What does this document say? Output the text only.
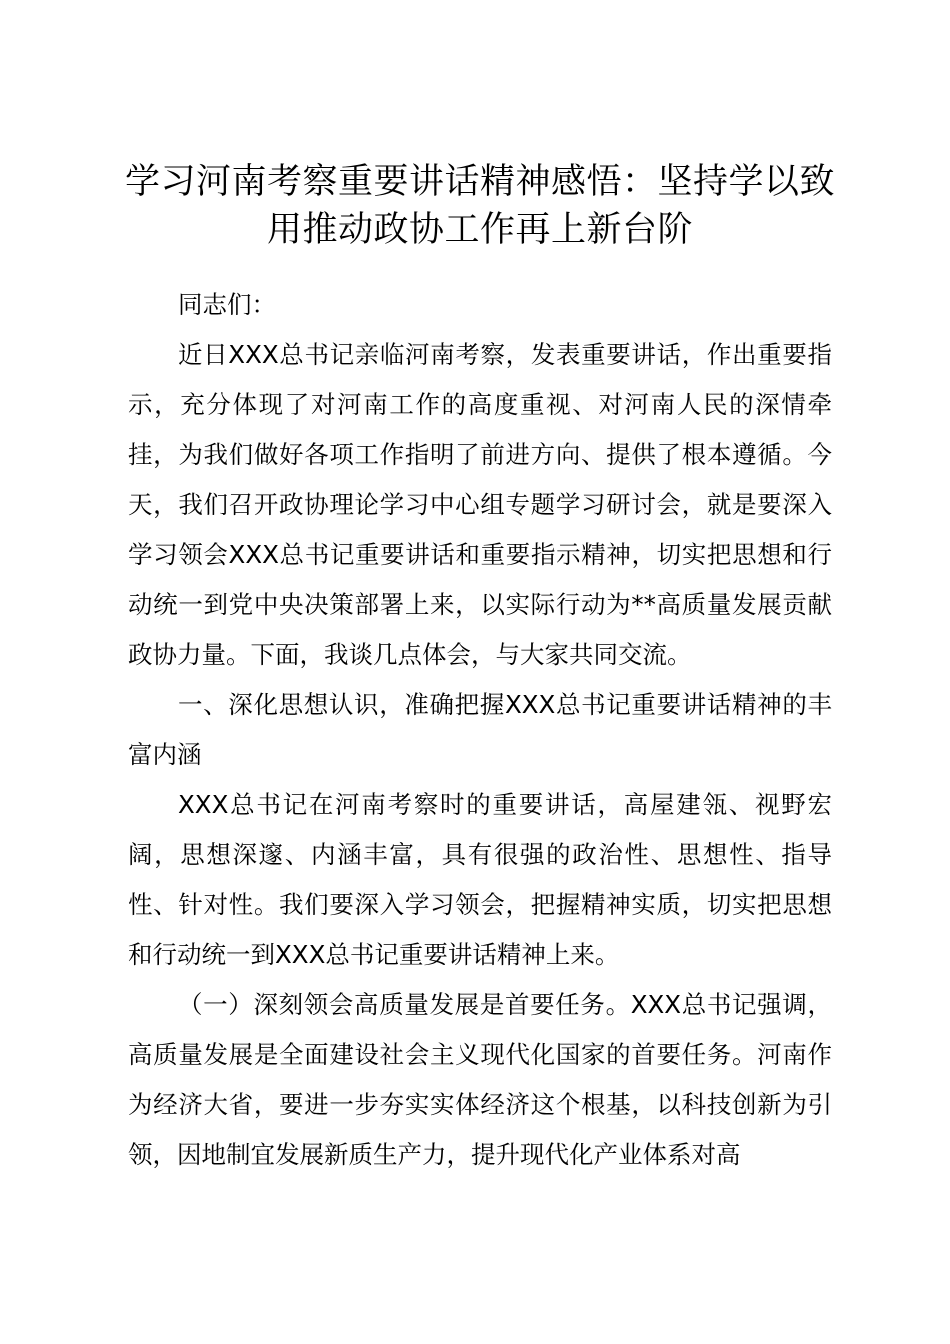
学习河南考察重要讲话精神感悟：坚持学以致
用推动政协工作再上新台阶

同志们：

近日XXX总书记亲临河南考察，发表重要讲话，作出重要指示，充分体现了对河南工作的高度重视、对河南人民的深情牵挂，为我们做好各项工作指明了前进方向、提供了根本遵循。今天，我们召开政协理论学习中心组专题学习研讨会，就是要深入学习领会XXX总书记重要讲话和重要指示精神，切实把思想和行动统一到党中央决策部署上来，以实际行动为**高质量发展贡献政协力量。下面，我谈几点体会，与大家共同交流。

一、深化思想认识，准确把握XXX总书记重要讲话精神的丰富内涵

XXX总书记在河南考察时的重要讲话，高屋建瓴、视野宏阔，思想深邃、内涵丰富，具有很强的政治性、思想性、指导性、针对性。我们要深入学习领会，把握精神实质，切实把思想和行动统一到XXX总书记重要讲话精神上来。

（一）深刻领会高质量发展是首要任务。XXX总书记强调，高质量发展是全面建设社会主义现代化国家的首要任务。河南作为经济大省，要进一步夯实实体经济这个根基，以科技创新为引领，因地制宜发展新质生产力，提升现代化产业体系对高
